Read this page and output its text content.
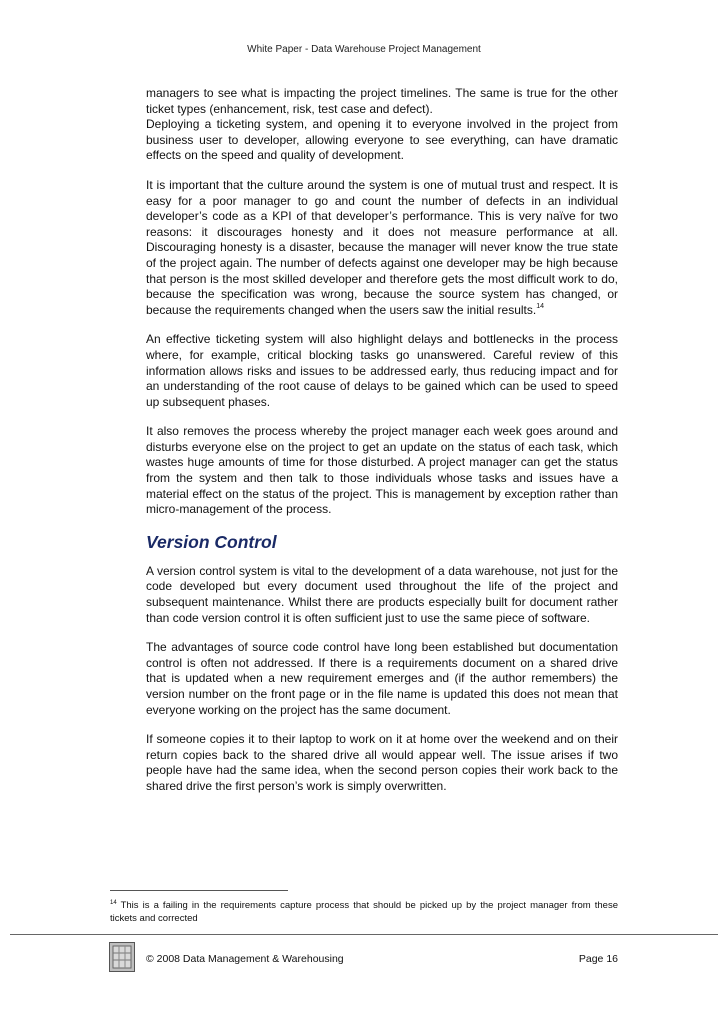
White Paper - Data Warehouse Project Management

managers to see what is impacting the project timelines. The same is true for the other ticket types (enhancement, risk, test case and defect).

Deploying a ticketing system, and opening it to everyone involved in the project from business user to developer, allowing everyone to see everything, can have dramatic effects on the speed and quality of development.

It is important that the culture around the system is one of mutual trust and respect. It is easy for a poor manager to go and count the number of defects in an individual developer’s code as a KPI of that developer’s performance. This is very naïve for two reasons: it discourages honesty and it does not measure performance at all. Discouraging honesty is a disaster, because the manager will never know the true state of the project again. The number of defects against one developer may be high because that person is the most skilled developer and therefore gets the most difficult work to do, because the specification was wrong, because the source system has changed, or because the requirements changed when the users saw the initial results.$^{14}$

An effective ticketing system will also highlight delays and bottlenecks in the process where, for example, critical blocking tasks go unanswered. Careful review of this information allows risks and issues to be addressed early, thus reducing impact and for an understanding of the root cause of delays to be gained which can be used to speed up subsequent phases.

It also removes the process whereby the project manager each week goes around and disturbs everyone else on the project to get an update on the status of each task, which wastes huge amounts of time for those disturbed. A project manager can get the status from the system and then talk to those individuals whose tasks and issues have a material effect on the status of the project. This is management by exception rather than micro-management of the process.

Version Control

A version control system is vital to the development of a data warehouse, not just for the code developed but every document used throughout the life of the project and subsequent maintenance. Whilst there are products especially built for document rather than code version control it is often sufficient just to use the same piece of software.

The advantages of source code control have long been established but documentation control is often not addressed. If there is a requirements document on a shared drive that is updated when a new requirement emerges and (if the author remembers) the version number on the front page or in the file name is updated this does not mean that everyone working on the project has the same document.

If someone copies it to their laptop to work on it at home over the weekend and on their return copies back to the shared drive all would appear well. The issue arises if two people have had the same idea, when the second person copies their work back to the shared drive the first person’s work is simply overwritten.

$^{14}$ This is a failing in the requirements capture process that should be picked up by the project manager from these tickets and corrected
© 2008 Data Management & Warehousing	Page 16
